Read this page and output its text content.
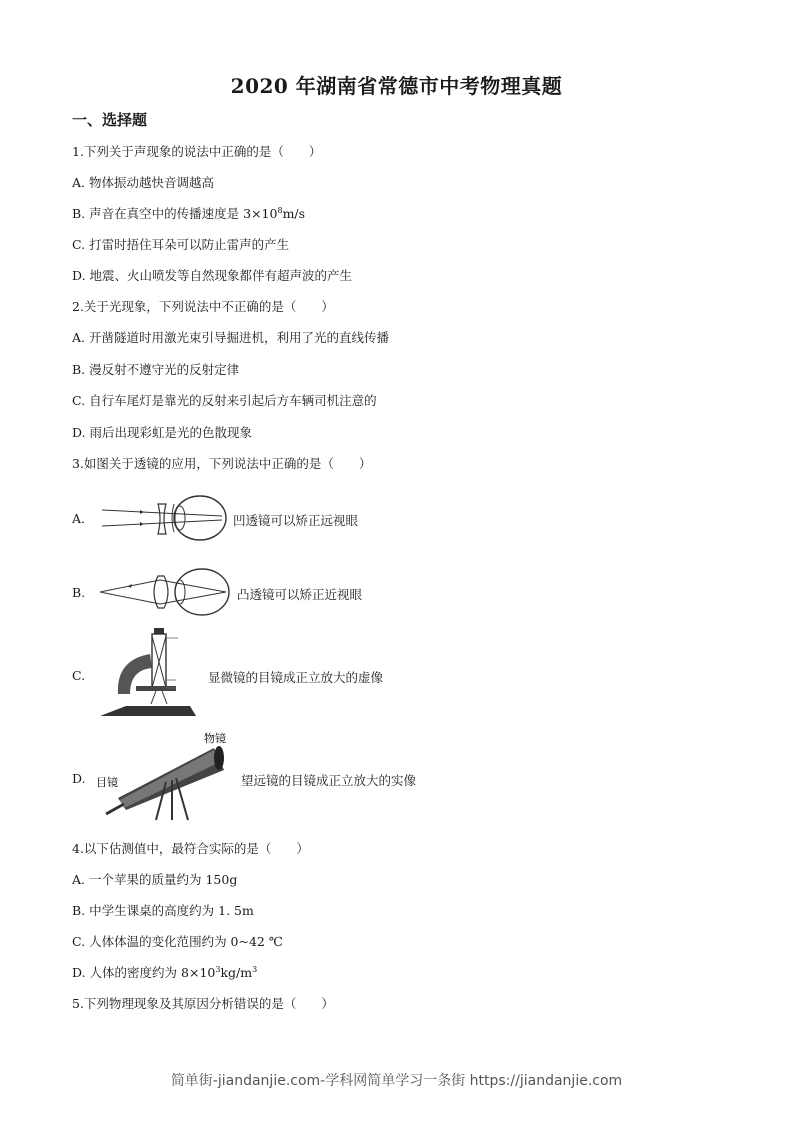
2020 年湖南省常德市中考物理真题
一、选择题
1.下列关于声现象的说法中正确的是（　　）
A. 物体振动越快音调越高
B. 声音在真空中的传播速度是 $3\times 10^8m/s$
C. 打雷时捂住耳朵可以防止雷声的产生
D. 地震、火山喷发等自然现象都伴有超声波的产生
2.关于光现象，下列说法中不正确的是（　　）
A. 开凿隧道时用激光束引导掘进机，利用了光的直线传播
B. 漫反射不遵守光的反射定律
C. 自行车尾灯是靠光的反射来引起后方车辆司机注意的
D. 雨后出现彩虹是光的色散现象
3.如图关于透镜的应用，下列说法中正确的是（　　）
A.	凹透镜可以矫正远视眼
B.	凸透镜可以矫正近视眼
C.	显微镜的目镜成正立放大的虚像
D.
物镜
目镜	望远镜的目镜成正立放大的实像
4.以下估测值中，最符合实际的是（　　）
A. 一个苹果的质量约为 150g
B. 中学生课桌的高度约为 1. 5m
C. 人体体温的变化范围约为 0~42 ℃
D. 人体的密度约为 $8\times 10^3kg/m^3$
5.下列物理现象及其原因分析错误的是（　　）
简单街-jiandanjie.com-学科网简单学习一条街 https://jiandanjie.com
